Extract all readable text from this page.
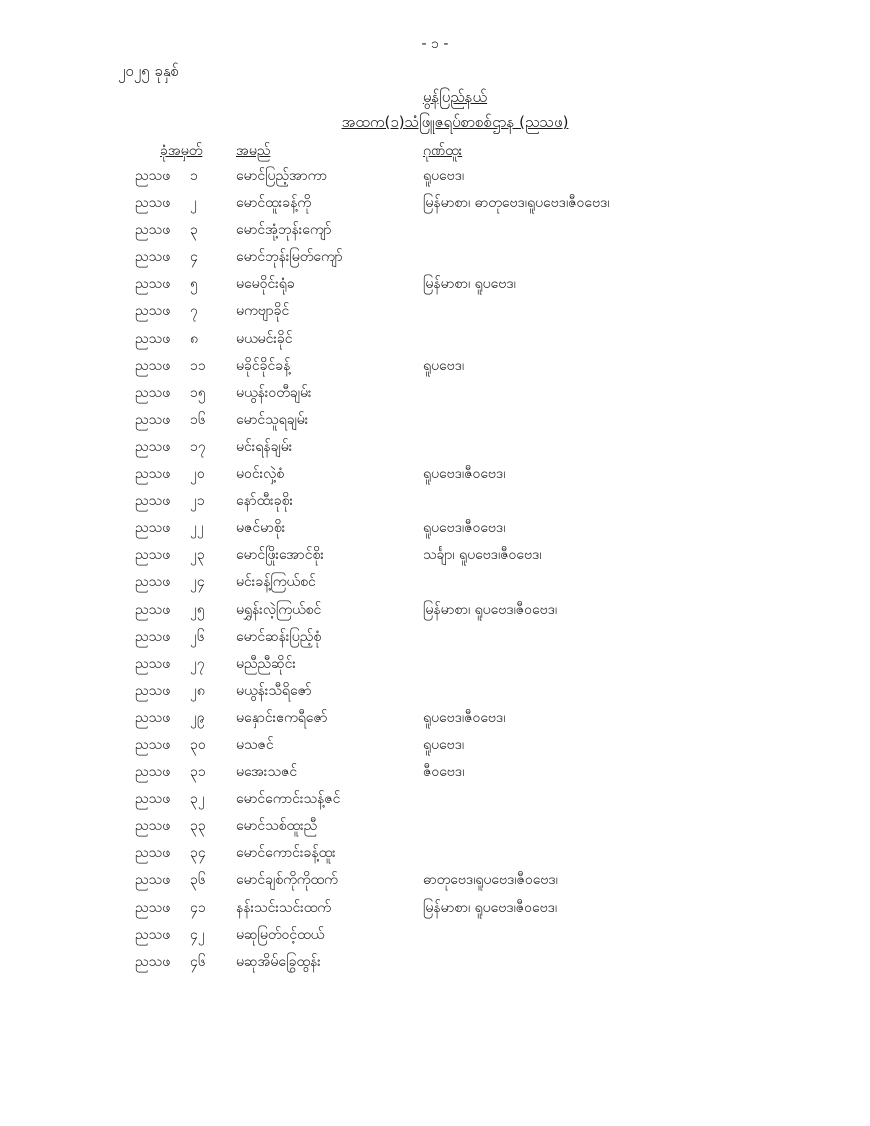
- ၁ -
၂၀၂၅ ခုနှစ်
မွန်ပြည်နယ်
အထက(၁)သံဖြူဇရပ်စာစစ်ဌာန (ညသဖ)
ခုံအမှတ် အမည်	ဂုဏ်ထူး
ညသဖ ၁	မောင်ပြည့်အာကာ	ရူပဗေဒ၊
ညသဖ ၂	မောင်ထူးခန့်ကို	မြန်မာစာ၊ ဓာတုဗေဒ၊ရူပဗေဒ၊ဇီဝဗေဒ၊
ညသဖ ၃	မောင်အုံ့ဘုန်းကျော်
ညသဖ ၄	မောင်ဘုန်းမြတ်ကျော်
ညသဖ ၅	မမေဝိုင်းရုံခ	မြန်မာစာ၊ ရူပဗေဒ၊
ညသဖ ၇	မကဗျာခိုင်
ညသဖ ၈	မယမင်းခိုင်
ညသဖ ၁၁ မခိုင်ခိုင်ခန့်	ရူပဗေဒ၊
ညသဖ ၁၅ မယွန်းဝတီချမ်း
ညသဖ ၁၆ မောင်သူရချမ်း
ညသဖ ၁၇ မင်းရန်ချမ်း
ညသဖ ၂၀ မဝင်းလှဲ့စံ	ရူပဗေဒ၊ဇီဝဗေဒ၊
ညသဖ ၂၁ နော်ထီးခုစိုး
ညသဖ ၂၂ မဇင်မာစိုး	ရူပဗေဒ၊ဇီဝဗေဒ၊
ညသဖ ၂၃ မောင်ဖြိုးအောင်စိုး	သင်္ချာ၊ ရူပဗေဒ၊ဇီဝဗေဒ၊
ညသဖ ၂၄ မင်းခန့်ကြယ်စင်
ညသဖ ၂၅ မရွှန်းလဲ့ကြယ်စင်	မြန်မာစာ၊ ရူပဗေဒ၊ဇီဝဗေဒ၊
ညသဖ ၂၆ မောင်ဆန်းပြည့်စုံ
ညသဖ ၂၇ မညီညီဆိုင်း
ညသဖ ၂၈ မယွန်းသီရိဇော်
ညသဖ ၂၉ မနှောင်းဧကရီဇော်	ရူပဗေဒ၊ဇီဝဗေဒ၊
ညသဖ ၃၀ မသဇင်	ရူပဗေဒ၊
ညသဖ ၃၁ မအေးသဇင်	ဇီဝဗေဒ၊
ညသဖ ၃၂ မောင်ကောင်းသန့်ဇင်
ညသဖ ၃၃ မောင်သစ်ထူးညီ
ညသဖ ၃၄ မောင်ကောင်းခန့်ထူး
ညသဖ ၃၆ မောင်ချစ်ကိုကိုထက်	ဓာတုဗေဒ၊ရူပဗေဒ၊ဇီဝဗေဒ၊
ညသဖ ၄၁ နန်းသင်းသင်းထက်	မြန်မာစာ၊ ရူပဗေဒ၊ဇီဝဗေဒ၊
ညသဖ ၄၂ မဆုမြတ်ဝင့်ထယ်
ညသဖ ၄၆ မဆုအိမ်ခြွေထွန်း
